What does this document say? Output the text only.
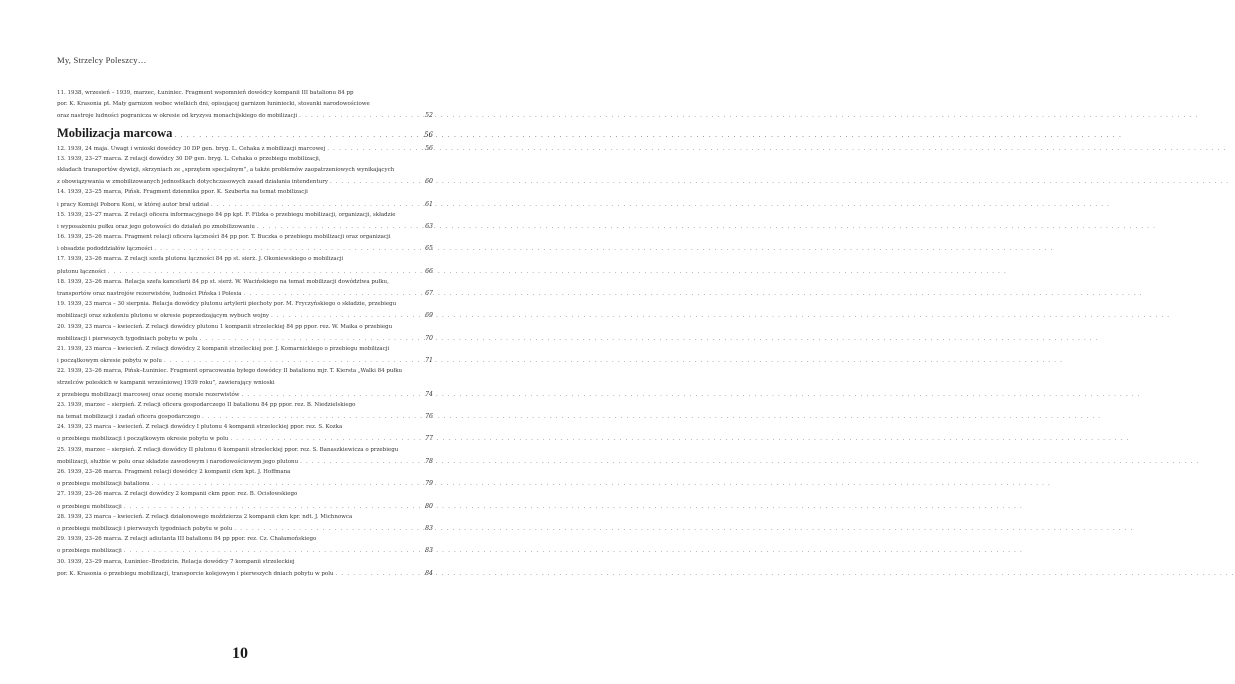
My, Strzelcy Poleszcy…
11. 1938, wrzesień – 1939, marzec, Łuniniec. Fragment wspomnień dowódcy kompanii III batalionu 84 pp
por. K. Krasonia pt. Mały garnizon wobec wielkich dni, opisującej garnizon łuniniecki, stosunki narodowościowe
oraz nastroje ludności pogranicza w okresie od kryzysu monachijskiego do mobilizacji . . .	52
Mobilizacja marcowa . . .	56
12. 1939, 24 maja. Uwagi i wnioski dowódcy 30 DP gen. bryg. L. Cehaka z mobilizacji marcowej . . .	56
13. 1939, 23–27 marca. Z relacji dowódcy 30 DP gen. bryg. L. Cehaka o przebiegu mobilizacji,
składach transportów dywizji, skrzyniach ze „sprzętem specjalnym”, a także problemów zaopatrzeniowych wynikających
z obowiązywania w zmobilizowanych jednostkach dotychczasowych zasad działania intendentury . . .	60
14. 1939, 23–25 marca, Pińsk. Fragment dziennika ppor. K. Szuberta na temat mobilizacji
i pracy Komisji Poboru Koni, w której autor brał udział . . .	61
15. 1939, 23–27 marca. Z relacji oficera informacyjnego 84 pp kpt. F. Filzka o przebiegu mobilizacji, organizacji, składzie
i wyposażeniu pułku oraz jego gotowości do działań po zmobilizowaniu . . .	63
16. 1939, 25–26 marca. Fragment relacji oficera łączności 84 pp por. T. Buczka o przebiegu mobilizacji oraz organizacji
i obsadzie pododdziałów łączności . . .	65
17. 1939, 23–26 marca. Z relacji szefa plutonu łączności 84 pp st. sierż. J. Okoniewskiego o mobilizacji
plutonu łączności . . .	66
18. 1939, 23–26 marca. Relacja szefa kancelarii 84 pp st. sierż. W. Wacińskiego na temat mobilizacji dowództwa pułku,
transportów oraz nastrojów rezerwistów, ludności Pińska i Polesia . . .	67
19. 1939, 23 marca – 30 sierpnia. Relacja dowódcy plutonu artylerii piechoty por. M. Fryczyńskiego o składzie, przebiegu
mobilizacji oraz szkoleniu plutonu w okresie poprzedzającym wybuch wojny . . .	69
20. 1939, 23 marca – kwiecień. Z relacji dowódcy plutonu 1 kompanii strzeleckiej 84 pp ppor. rez. W. Maika o przebiegu
mobilizacji i pierwszych tygodniach pobytu w polu . . .	70
21. 1939, 23 marca – kwiecień. Z relacji dowódcy 2 kompanii strzeleckiej por. J. Komarnickiego o przebiegu mobilizacji
i początkowym okresie pobytu w polu . . .	71
22. 1939, 23–26 marca, Pińsk–Łuniniec. Fragment opracowania byłego dowódcy II batalionu mjr. T. Kiersta „Walki 84 pułku
strzelców poleskich w kampanii wrześniowej 1939 roku”, zawierający wnioski
z przebiegu mobilizacji marcowej oraz ocenę morale rezerwistów . . .	74
23. 1939, marzec – sierpień. Z relacji oficera gospodarczego II batalionu 84 pp ppor. rez. B. Niedzielskiego
na temat mobilizacji i zadań oficera gospodarczego . . .	76
24. 1939, 23 marca – kwiecień. Z relacji dowódcy I plutonu 4 kompanii strzeleckiej ppor. rez. S. Kozka
o przebiegu mobilizacji i początkowym okresie pobytu w polu . . .	77
25. 1939, marzec – sierpień. Z relacji dowódcy II plutonu 6 kompanii strzeleckiej ppor. rez. S. Banaszkiewicza o przebiegu
mobilizacji, służbie w polu oraz składzie zawodowym i narodowościowym jego plutonu . . .	78
26. 1939, 23–26 marca. Fragment relacji dowódcy 2 kompanii ckm kpt. J. Hoffmana
o przebiegu mobilizacji batalionu . . .	79
27. 1939, 23–26 marca. Z relacji dowódcy 2 kompanii ckm ppor. rez. B. Ocisłowskiego
o przebiegu mobilizacji . . .	80
28. 1939, 23 marca – kwiecień. Z relacji działonowego moździerza 2 kompanii ckm kpr. ndt. J. Michnowca
o przebiegu mobilizacji i pierwszych tygodniach pobytu w polu . . .	83
29. 1939, 23–26 marca. Z relacji adiutanta III batalionu 84 pp ppor. rez. Cz. Chałamońskiego
o przebiegu mobilizacji . . .	83
30. 1939, 23–29 marca, Łuniniec–Brodzicin. Relacja dowódcy 7 kompanii strzeleckiej
por. K. Krasonia o przebiegu mobilizacji, transporcie kolejowym i pierwszych dniach pobytu w polu . . .	84
10
